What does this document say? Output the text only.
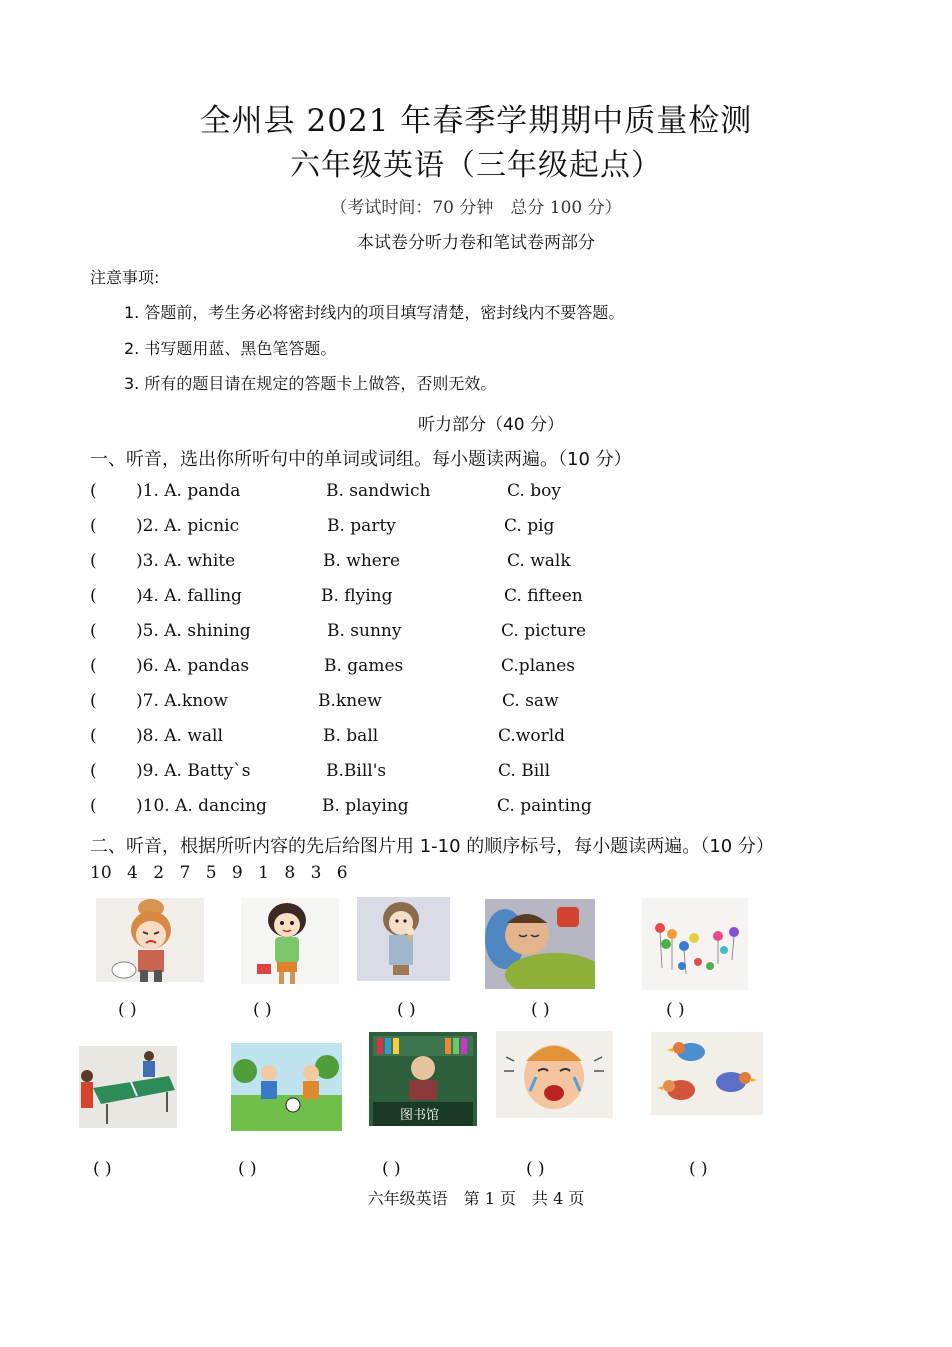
全州县 2021 年春季学期期中质量检测
六年级英语（三年级起点）
（考试时间：70 分钟　总分 100 分）
本试卷分听力卷和笔试卷两部分
注意事项:
1. 答题前，考生务必将密封线内的项目填写清楚，密封线内不要答题。
2. 书写题用蓝、黑色笔答题。
3. 所有的题目请在规定的答题卡上做答，否则无效。
听力部分（40 分）
一、听音，选出你所听句中的单词或词组。每小题读两遍。（10 分）
( )1. A. panda	B. sandwich	C. boy
( )2. A. picnic	B. party	C. pig
( )3. A. white	B. where	C. walk
( )4. A. falling	B. flying	C. fifteen
( )5. A. shining	B. sunny	C. picture
( )6. A. pandas	B. games	C.planes
( )7. A.know	B.knew	C. saw
( )8. A. wall	B. ball	C.world
( )9. A. Batty`s	B.Bill's	C. Bill
( )10. A. dancing	B. playing	C. painting
二、听音，根据所听内容的先后给图片用 1-10 的顺序标号，每小题读两遍。（10 分）
10 4 2 7 5 9 1 8 3 6
( )	( )	( )	( )	( )
图书馆
( )	( )	( )	( )	( )
六年级英语　第 1 页　共 4 页
